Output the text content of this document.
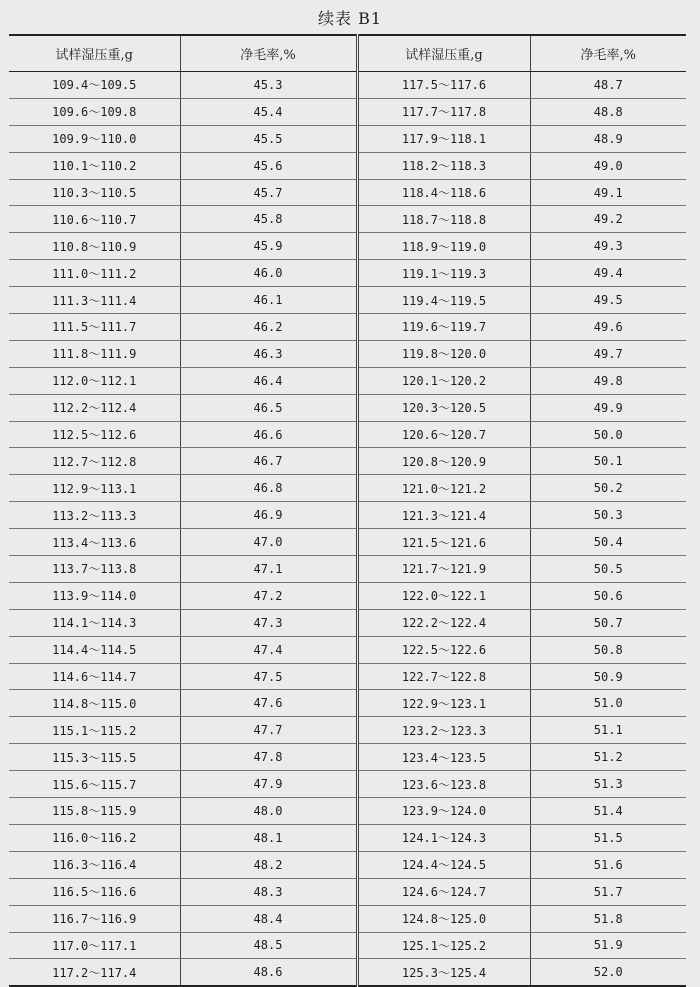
续表 B1
试样湿压重,g	净毛率,%	试样湿压重,g	净毛率,%
109.4～109.5	45.3	117.5～117.6	48.7
109.6～109.8	45.4	117.7～117.8	48.8
109.9～110.0	45.5	117.9～118.1	48.9
110.1～110.2	45.6	118.2～118.3	49.0
110.3～110.5	45.7	118.4～118.6	49.1
110.6～110.7	45.8	118.7～118.8	49.2
110.8～110.9	45.9	118.9～119.0	49.3
111.0～111.2	46.0	119.1～119.3	49.4
111.3～111.4	46.1	119.4～119.5	49.5
111.5～111.7	46.2	119.6～119.7	49.6
111.8～111.9	46.3	119.8～120.0	49.7
112.0～112.1	46.4	120.1～120.2	49.8
112.2～112.4	46.5	120.3～120.5	49.9
112.5～112.6	46.6	120.6～120.7	50.0
112.7～112.8	46.7	120.8～120.9	50.1
112.9～113.1	46.8	121.0～121.2	50.2
113.2～113.3	46.9	121.3～121.4	50.3
113.4～113.6	47.0	121.5～121.6	50.4
113.7～113.8	47.1	121.7～121.9	50.5
113.9～114.0	47.2	122.0～122.1	50.6
114.1～114.3	47.3	122.2～122.4	50.7
114.4～114.5	47.4	122.5～122.6	50.8
114.6～114.7	47.5	122.7～122.8	50.9
114.8～115.0	47.6	122.9～123.1	51.0
115.1～115.2	47.7	123.2～123.3	51.1
115.3～115.5	47.8	123.4～123.5	51.2
115.6～115.7	47.9	123.6～123.8	51.3
115.8～115.9	48.0	123.9～124.0	51.4
116.0～116.2	48.1	124.1～124.3	51.5
116.3～116.4	48.2	124.4～124.5	51.6
116.5～116.6	48.3	124.6～124.7	51.7
116.7～116.9	48.4	124.8～125.0	51.8
117.0～117.1	48.5	125.1～125.2	51.9
117.2～117.4	48.6	125.3～125.4	52.0
